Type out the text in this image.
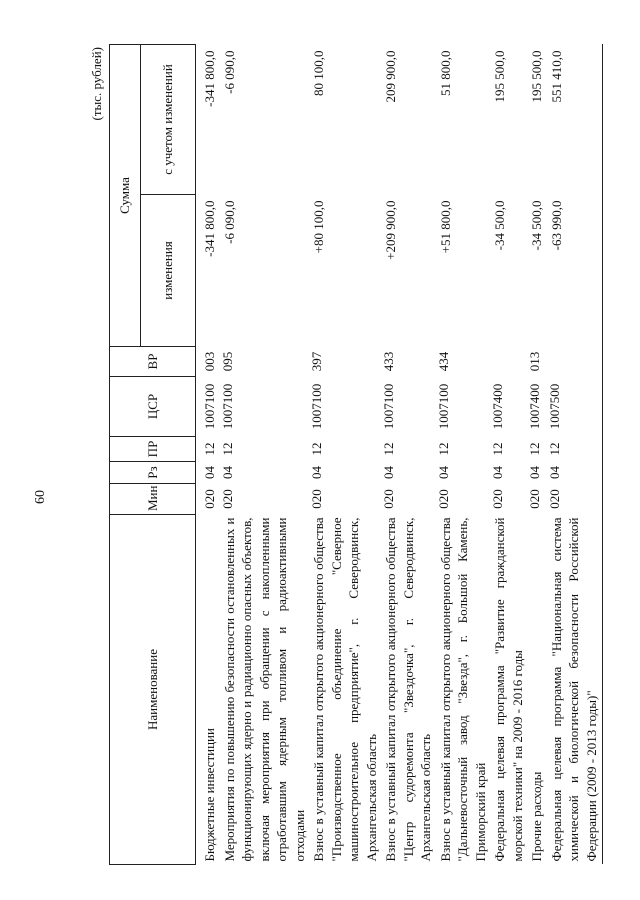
60
(тыс. рублей)
Наименование	Мин	Рз	ПР	ЦСР	ВР	Сумма	
						изменения	с учетом изменений
Бюджетные инвестиции	020	04	12	1007100	003	-341 800,0	-341 800,0
Мероприятия по повышению безопасности остановленных и функционирующих ядерно и радиационно опасных объектов, включая мероприятия при обращении с накопленными отработавшим ядерным топливом и радиоактивными отходами	020	04	12	1007100	095	-6 090,0	-6 090,0
Взнос в уставный капитал открытого акционерного общества "Производственное объединение "Северное машиностроительное предприятие", г. Северодвинск, Архангельская область	020	04	12	1007100	397	+80 100,0	80 100,0
Взнос в уставный капитал открытого акционерного общества "Центр судоремонта "Звездочка", г. Северодвинск, Архангельская область	020	04	12	1007100	433	+209 900,0	209 900,0
Взнос в уставный капитал открытого акционерного общества "Дальневосточный завод "Звезда", г. Большой Камень, Приморский край	020	04	12	1007100	434	+51 800,0	51 800,0
Федеральная целевая программа "Развитие гражданской морской техники" на 2009 - 2016 годы	020	04	12	1007400		-34 500,0	195 500,0
Прочие расходы	020	04	12	1007400	013	-34 500,0	195 500,0
Федеральная целевая программа "Национальная система химической и биологической безопасности Российской Федерации (2009 - 2013 годы)"	020	04	12	1007500		-63 990,0	551 410,0
